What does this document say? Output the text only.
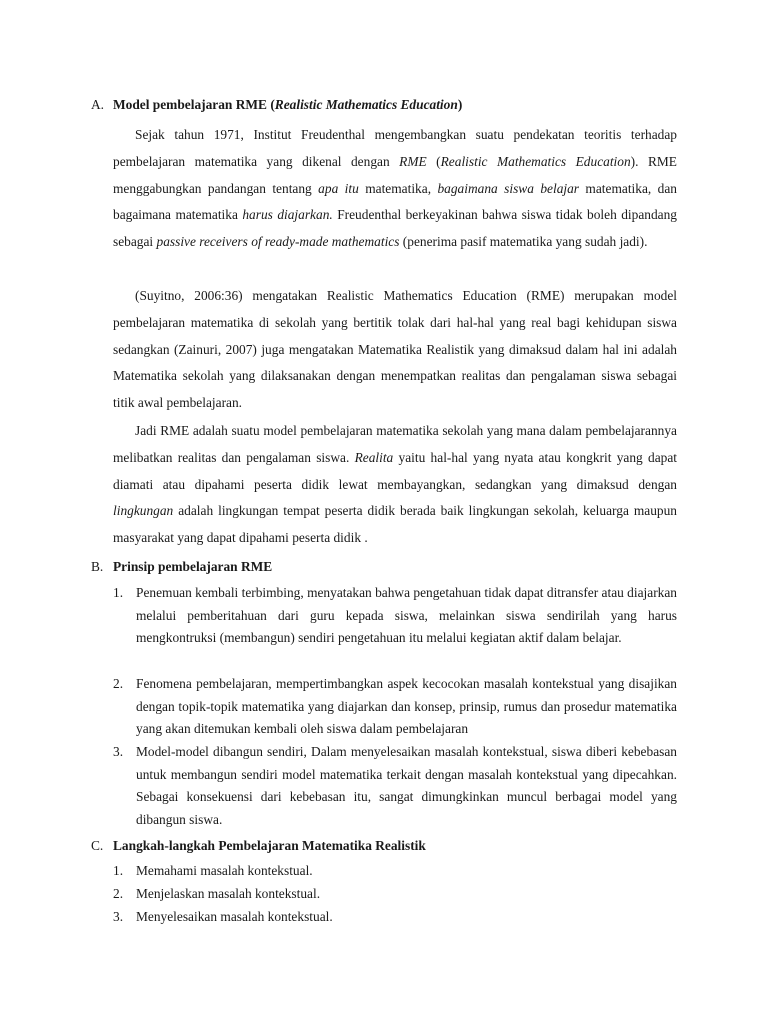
A. Model pembelajaran RME (Realistic Mathematics Education)
Sejak tahun 1971, Institut Freudenthal mengembangkan suatu pendekatan teoritis terhadap pembelajaran matematika yang dikenal dengan RME (Realistic Mathematics Education). RME menggabungkan pandangan tentang apa itu matematika, bagaimana siswa belajar matematika, dan bagaimana matematika harus diajarkan. Freudenthal berkeyakinan bahwa siswa tidak boleh dipandang sebagai passive receivers of ready-made mathematics (penerima pasif matematika yang sudah jadi).
(Suyitno, 2006:36) mengatakan Realistic Mathematics Education (RME) merupakan model pembelajaran matematika di sekolah yang bertitik tolak dari hal-hal yang real bagi kehidupan siswa sedangkan (Zainuri, 2007) juga mengatakan Matematika Realistik yang dimaksud dalam hal ini adalah Matematika sekolah yang dilaksanakan dengan menempatkan realitas dan pengalaman siswa sebagai titik awal pembelajaran.
Jadi RME adalah suatu model pembelajaran matematika sekolah yang mana dalam pembelajarannya melibatkan realitas dan pengalaman siswa. Realita yaitu hal-hal yang nyata atau kongkrit yang dapat diamati atau dipahami peserta didik lewat membayangkan, sedangkan yang dimaksud dengan lingkungan adalah lingkungan tempat peserta didik berada baik lingkungan sekolah, keluarga maupun masyarakat yang dapat dipahami peserta didik .
B. Prinsip pembelajaran RME
1. Penemuan kembali terbimbing, menyatakan bahwa pengetahuan tidak dapat ditransfer atau diajarkan melalui pemberitahuan dari guru kepada siswa, melainkan siswa sendirilah yang harus mengkontruksi (membangun) sendiri pengetahuan itu melalui kegiatan aktif dalam belajar.
2. Fenomena pembelajaran, mempertimbangkan aspek kecocokan masalah kontekstual yang disajikan dengan topik-topik matematika yang diajarkan dan konsep, prinsip, rumus dan prosedur matematika yang akan ditemukan kembali oleh siswa dalam pembelajaran
3. Model-model dibangun sendiri, Dalam menyelesaikan masalah kontekstual, siswa diberi kebebasan untuk membangun sendiri model matematika terkait dengan masalah kontekstual yang dipecahkan. Sebagai konsekuensi dari kebebasan itu, sangat dimungkinkan muncul berbagai model yang dibangun siswa.
C. Langkah-langkah Pembelajaran Matematika Realistik
1. Memahami masalah kontekstual.
2. Menjelaskan masalah kontekstual.
3. Menyelesaikan masalah kontekstual.
